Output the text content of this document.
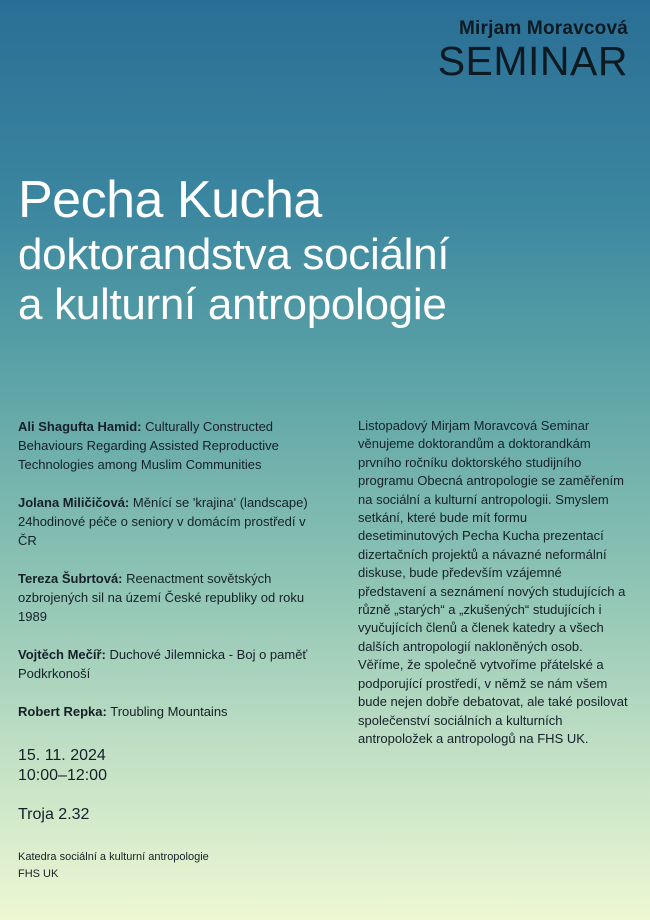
Mirjam Moravcová
SEMINAR
Pecha Kucha
doktorandstva sociální
a kulturní antropologie
Ali Shagufta Hamid: Culturally Constructed Behaviours Regarding Assisted Reproductive Technologies among Muslim Communities
Jolana Miličičová: Měnící se 'krajina' (landscape) 24hodinové péče o seniory v domácím prostředí v ČR
Tereza Šubrtová: Reenactment sovětských ozbrojených sil na území České republiky od roku 1989
Vojtěch Mečíř: Duchové Jilemnicka - Boj o paměť Podkrkonoší
Robert Repka: Troubling Mountains
15. 11. 2024
10:00–12:00
Troja 2.32
Katedra sociální a kulturní antropologie
FHS UK
Listopadový Mirjam Moravcová Seminar věnujeme doktorandům a doktorandkám prvního ročníku doktorského studijního programu Obecná antropologie se zaměřením na sociální a kulturní antropologii. Smyslem setkání, které bude mít formu desetiminutových Pecha Kucha prezentací dizertačních projektů a návazné neformální diskuse, bude především vzájemné představení a seznámení nových studujících a různě „starých“ a „zkušených“ studujících i vyučujících členů a členek katedry a všech dalších antropologií nakloněných osob. Věříme, že společně vytvoříme přátelské a podporující prostředí, v němž se nám všem bude nejen dobře debatovat, ale také posilovat společenství sociálních a kulturních antropoložek a antropologů na FHS UK.
